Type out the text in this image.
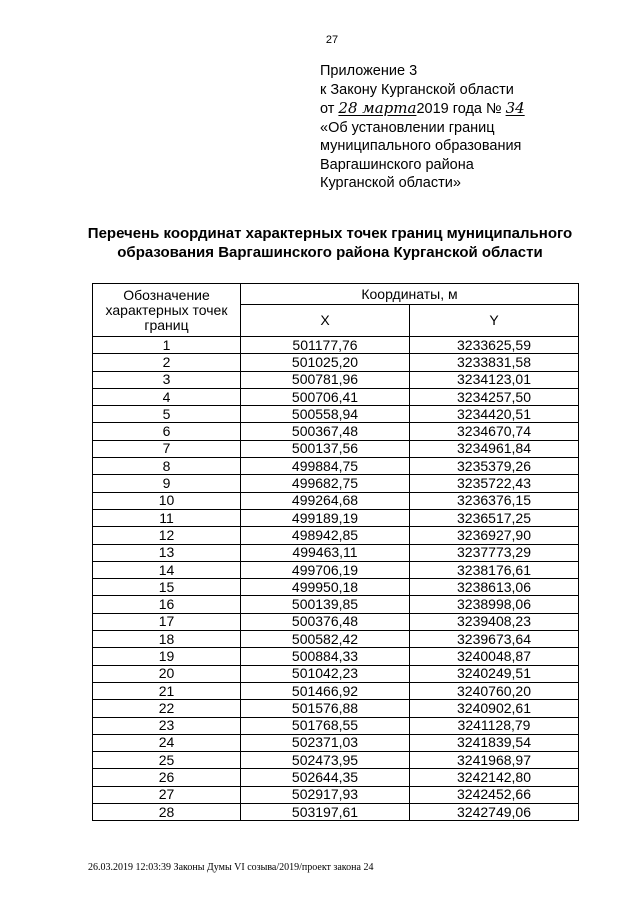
27
Приложение 3
к Закону Курганской области
от 28 марта2019 года № 34
«Об установлении границ
муниципального образования
Варгашинского района
Курганской области»
Перечень координат характерных точек границ муниципального
образования Варгашинского района Курганской области
Обозначение характерных точек границ	Координаты, м	
	X	Y
1	501177,76	3233625,59
2	501025,20	3233831,58
3	500781,96	3234123,01
4	500706,41	3234257,50
5	500558,94	3234420,51
6	500367,48	3234670,74
7	500137,56	3234961,84
8	499884,75	3235379,26
9	499682,75	3235722,43
10	499264,68	3236376,15
11	499189,19	3236517,25
12	498942,85	3236927,90
13	499463,11	3237773,29
14	499706,19	3238176,61
15	499950,18	3238613,06
16	500139,85	3238998,06
17	500376,48	3239408,23
18	500582,42	3239673,64
19	500884,33	3240048,87
20	501042,23	3240249,51
21	501466,92	3240760,20
22	501576,88	3240902,61
23	501768,55	3241128,79
24	502371,03	3241839,54
25	502473,95	3241968,97
26	502644,35	3242142,80
27	502917,93	3242452,66
28	503197,61	3242749,06
26.03.2019 12:03:39 Законы Думы VI созыва/2019/проект закона 24
